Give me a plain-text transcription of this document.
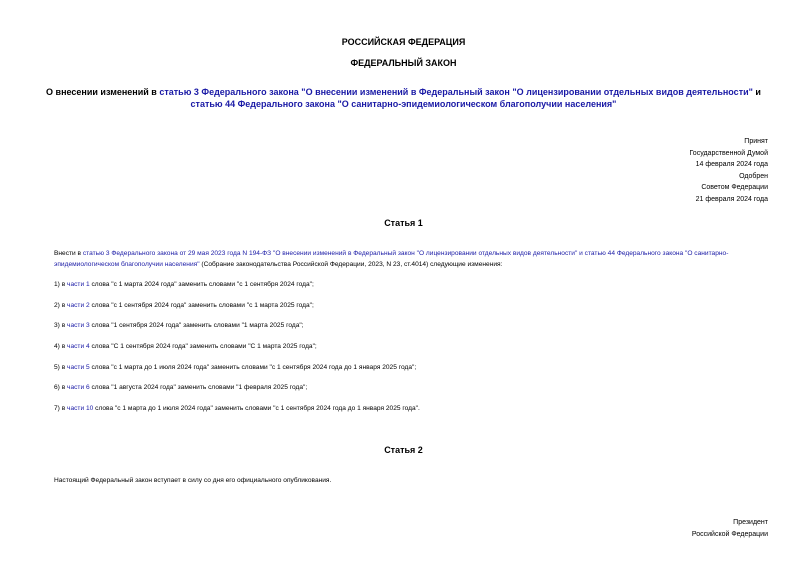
РОССИЙСКАЯ ФЕДЕРАЦИЯ
ФЕДЕРАЛЬНЫЙ ЗАКОН
О внесении изменений в статью 3 Федерального закона "О внесении изменений в Федеральный закон "О лицензировании отдельных видов деятельности" и статью 44 Федерального закона "О санитарно-эпидемиологическом благополучии населения"
Принят
Государственной Думой
14 февраля 2024 года
Одобрен
Советом Федерации
21 февраля 2024 года
Статья 1
Внести в статью 3 Федерального закона от 29 мая 2023 года N 194-ФЗ "О внесении изменений в Федеральный закон "О лицензировании отдельных видов деятельности" и статью 44 Федерального закона "О санитарно-эпидемиологическом благополучии населения" (Собрание законодательства Российской Федерации, 2023, N 23, ст.4014) следующие изменения:
1) в части 1 слова "с 1 марта 2024 года" заменить словами "с 1 сентября 2024 года";
2) в части 2 слова "с 1 сентября 2024 года" заменить словами "с 1 марта 2025 года";
3) в части 3 слова "1 сентября 2024 года" заменить словами "1 марта 2025 года";
4) в части 4 слова "С 1 сентября 2024 года" заменить словами "С 1 марта 2025 года";
5) в части 5 слова "с 1 марта до 1 июля 2024 года" заменить словами "с 1 сентября 2024 года до 1 января 2025 года";
6) в части 6 слова "1 августа 2024 года" заменить словами "1 февраля 2025 года";
7) в части 10 слова "с 1 марта до 1 июля 2024 года" заменить словами "с 1 сентября 2024 года до 1 января 2025 года".
Статья 2
Настоящий Федеральный закон вступает в силу со дня его официального опубликования.
Президент
Российской Федерации
